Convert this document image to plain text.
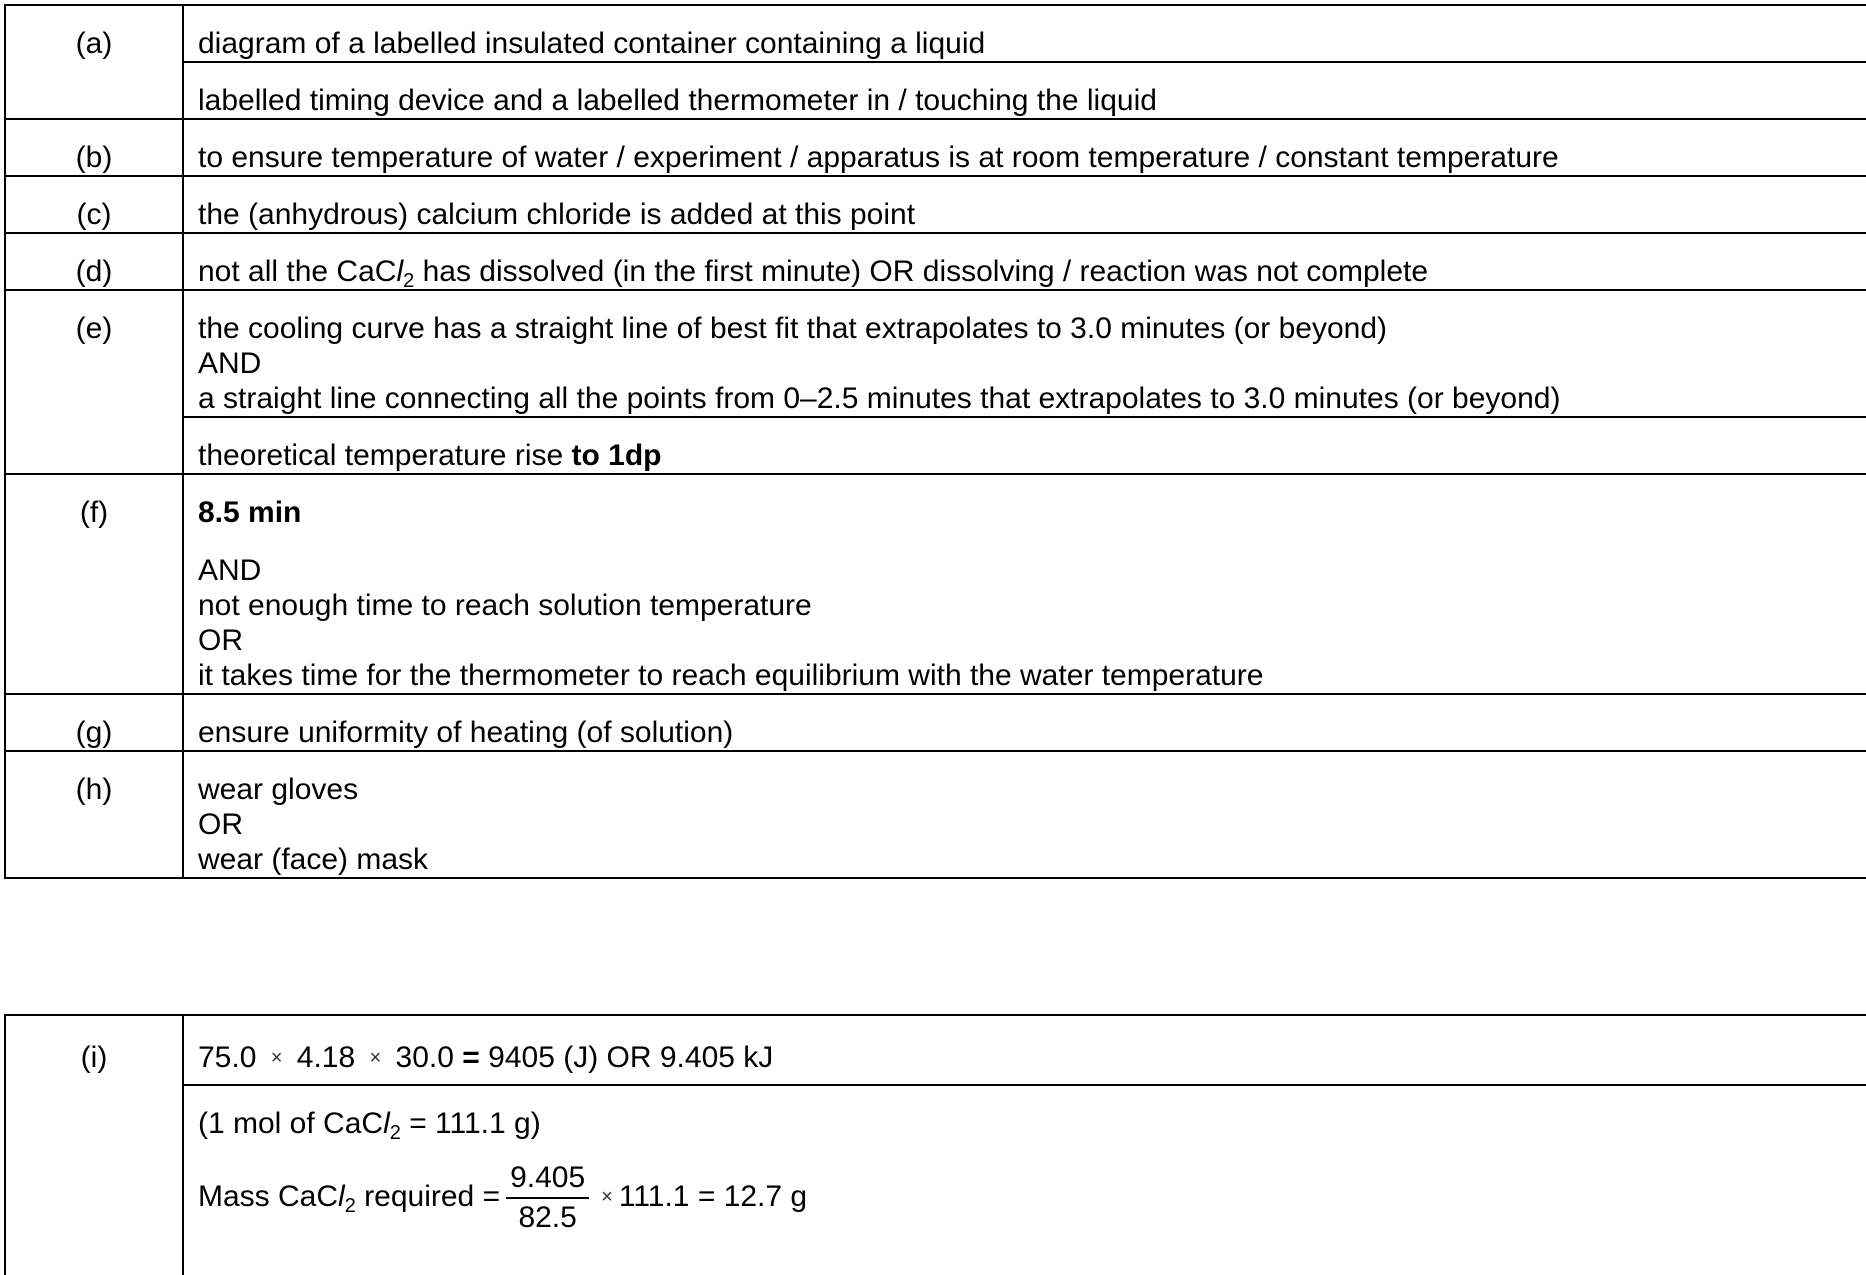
(a)	diagram of a labelled insulated container containing a liquid
	labelled timing device and a labelled thermometer in / touching the liquid
(b)	to ensure temperature of water / experiment / apparatus is at room temperature / constant temperature
(c)	the (anhydrous) calcium chloride is added at this point
(d)	not all the CaCl$_2$ has dissolved (in the first minute) OR dissolving / reaction was not complete
(e)	the cooling curve has a straight line of best fit that extrapolates to 3.0 minutes (or beyond)
AND
a straight line connecting all the points from 0–2.5 minutes that extrapolates to 3.0 minutes (or beyond)

	theoretical temperature rise to 1dp
(f)	8.5 min
AND
not enough time to reach solution temperature
OR
it takes time for the thermometer to reach equilibrium with the water temperature

(g)	ensure uniformity of heating (of solution)
(h)	wear gloves
OR
wear (face) mask
(i)	75.0 × 4.18 × 30.0 = 9405 (J) OR 9.405 kJ

(1 mol of CaCl$_2$ = 111.1 g)
Mass CaCl$_2$ required = $\frac{9.405}{82.5} \times 111.1 = 12.7$ g
